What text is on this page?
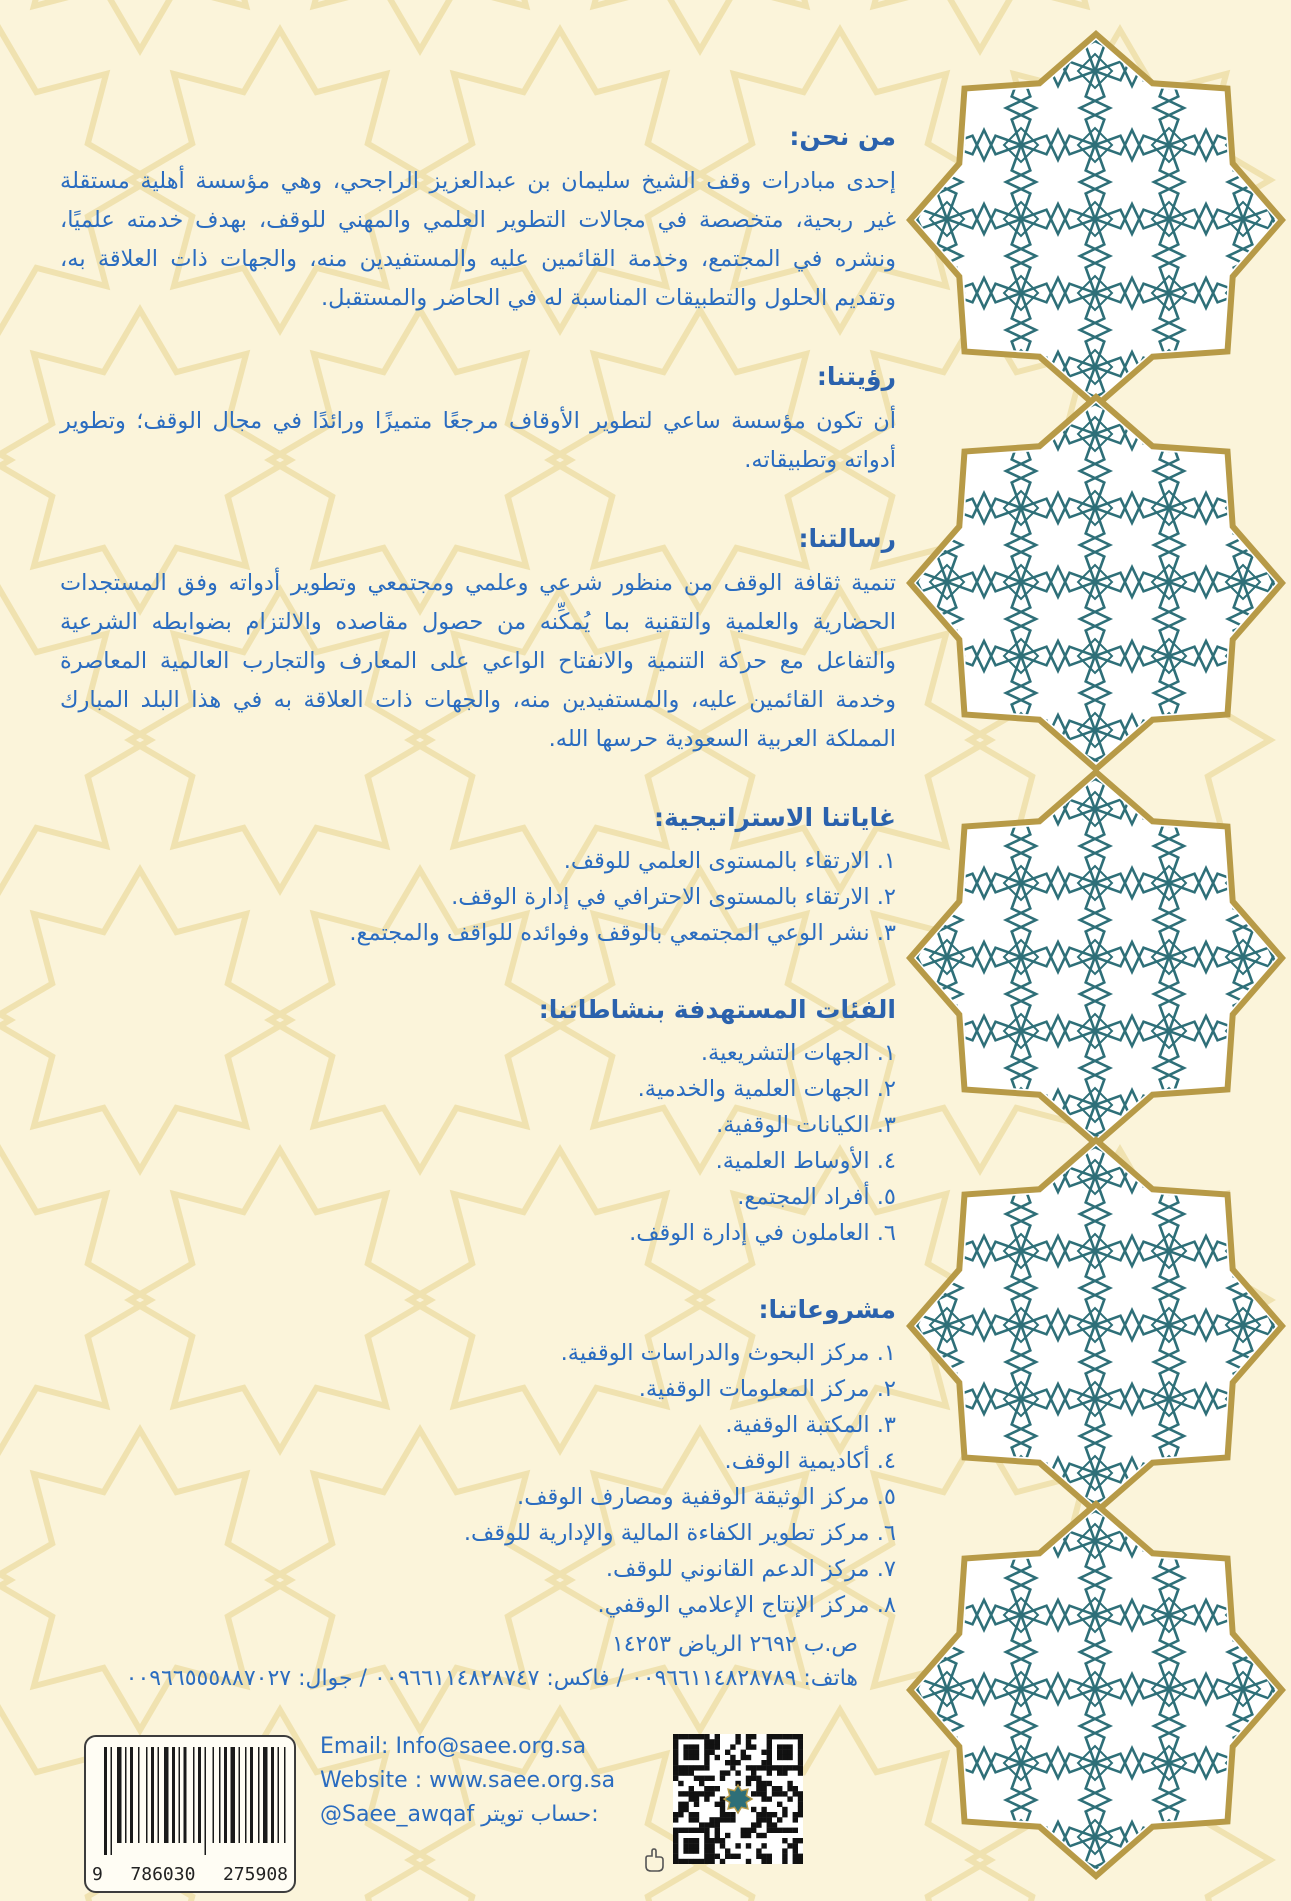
من نحن:

إحدى مبادرات وقف الشيخ سليمان بن عبدالعزيز الراجحي، وهي مؤسسة أهلية مستقلة غير ربحية، متخصصة في مجالات التطوير العلمي والمهني للوقف، بهدف خدمته علميًا، ونشره في المجتمع، وخدمة القائمين عليه والمستفيدين منه، والجهات ذات العلاقة به، وتقديم الحلول والتطبيقات المناسبة له في الحاضر والمستقبل.

رؤيتنا:

أن تكون مؤسسة ساعي لتطوير الأوقاف مرجعًا متميزًا ورائدًا في مجال الوقف؛ وتطوير أدواته وتطبيقاته.

رسالتنا:

تنمية ثقافة الوقف من منظور شرعي وعلمي ومجتمعي وتطوير أدواته وفق المستجدات الحضارية والعلمية والتقنية بما يُمكِّنه من حصول مقاصده والالتزام بضوابطه الشرعية والتفاعل مع حركة التنمية والانفتاح الواعي على المعارف والتجارب العالمية المعاصرة وخدمة القائمين عليه، والمستفيدين منه، والجهات ذات العلاقة به في هذا البلد المبارك المملكة العربية السعودية حرسها الله.

غاياتنا الاستراتيجية:
١. الارتقاء بالمستوى العلمي للوقف.
٢. الارتقاء بالمستوى الاحترافي في إدارة الوقف.
٣. نشر الوعي المجتمعي بالوقف وفوائده للواقف والمجتمع.
الفئات المستهدفة بنشاطاتنا:
١. الجهات التشريعية.
٢. الجهات العلمية والخدمية.
٣. الكيانات الوقفية.
٤. الأوساط العلمية.
٥. أفراد المجتمع.
٦. العاملون في إدارة الوقف.
مشروعاتنا:
١. مركز البحوث والدراسات الوقفية.
٢. مركز المعلومات الوقفية.
٣. المكتبة الوقفية.
٤. أكاديمية الوقف.
٥. مركز الوثيقة الوقفية ومصارف الوقف.
٦. مركز تطوير الكفاءة المالية والإدارية للوقف.
٧. مركز الدعم القانوني للوقف.
٨. مركز الإنتاج الإعلامي الوقفي.
ص.ب ٢٦٩٢ الرياض ١٤٢٥٣
هاتف: ٠٠٩٦٦١١٤٨٢٨٧٨٩ / فاكس: ٠٠٩٦٦١١٤٨٢٨٧٤٧ / جوال: ٠٠٩٦٦٥٥٥٨٨٧٠٢٧
Email: Info@saee.org.sa
Website : www.saee.org.sa
@Saee_awqaf حساب تويتر:
9 786030 275908
